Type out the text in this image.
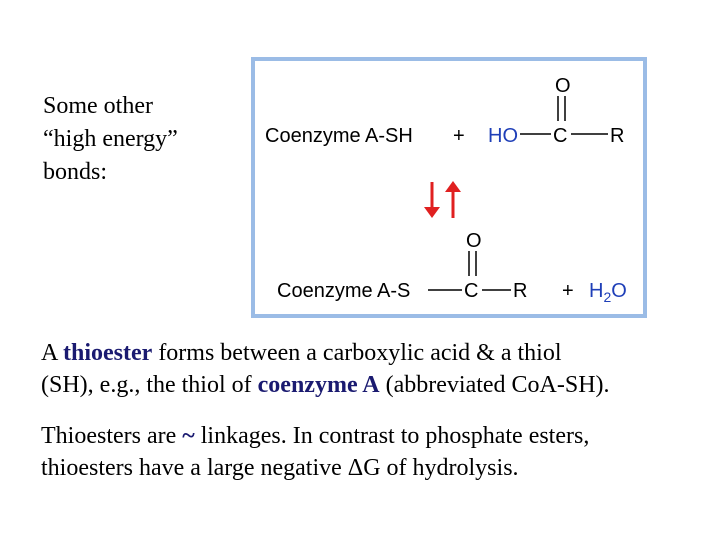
Some other
“high energy”
bonds:
Coenzyme A-SH + HO C R
O
Coenzyme A-S	C R
O
+ $H_2O$
A thioester forms between a carboxylic acid & a thiol
(SH), e.g., the thiol of coenzyme A (abbreviated CoA-SH).
Thioesters are ~ linkages. In contrast to phosphate esters,
thioesters have a large negative ΔG of hydrolysis.
